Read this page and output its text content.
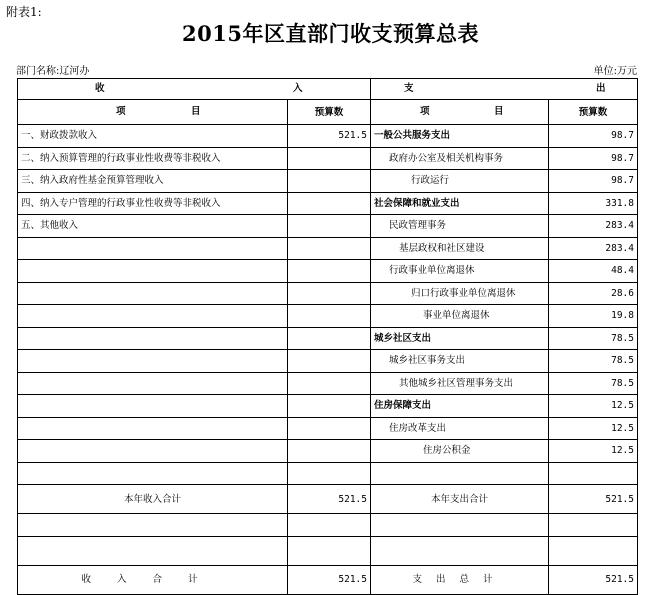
附表1:
2015年区直部门收支预算总表
部门名称:辽河办	单位:万元
收 入		支 出	

项 目	预算数	项 目	预算数
一、财政拨款收入	521.5	一般公共服务支出	98.7
二、纳入预算管理的行政事业性收费等非税收入		政府办公室及相关机构事务	98.7
三、纳入政府性基金预算管理收入		行政运行	98.7
四、纳入专户管理的行政事业性收费等非税收入		社会保障和就业支出	331.8
五、其他收入		民政管理事务	283.4
		基层政权和社区建设	283.4
		行政事业单位离退休	48.4
		归口行政事业单位离退休	28.6
		事业单位离退休	19.8
		城乡社区支出	78.5
		城乡社区事务支出	78.5
		其他城乡社区管理事务支出	78.5
		住房保障支出	12.5
		住房改革支出	12.5
		住房公积金	12.5

本年收入合计	521.5	本年支出合计	521.5

收入合计	521.5	支出总计	521.5
